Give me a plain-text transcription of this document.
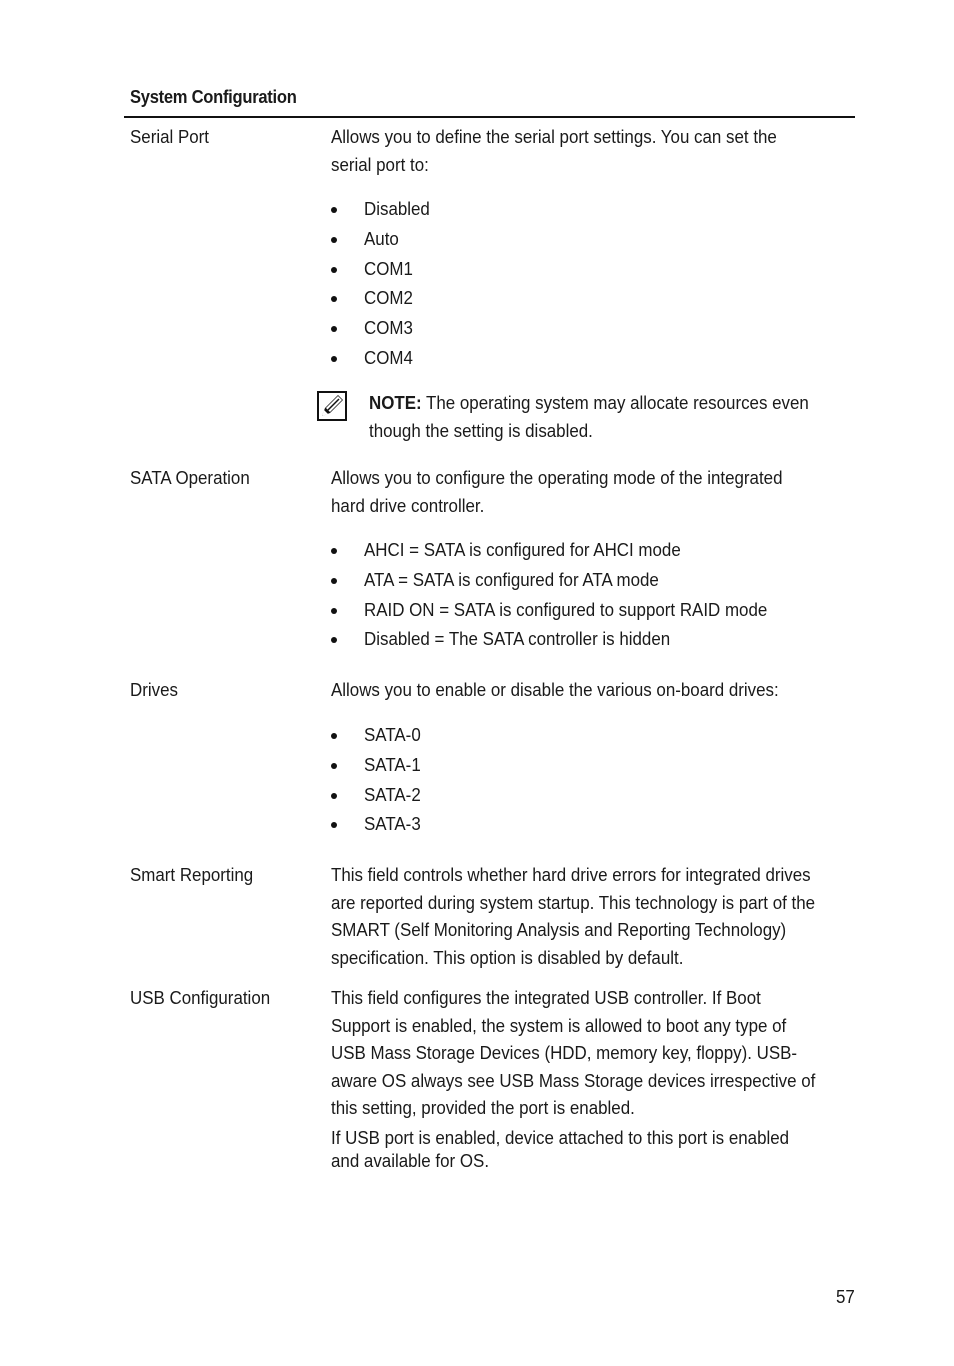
System Configuration
Serial Port	Allows you to define the serial port settings. You can set the serial port to:
Disabled
Auto
COM1
COM2
COM3
COM4
NOTE: The operating system may allocate resources even though the setting is disabled.
SATA Operation	Allows you to configure the operating mode of the integrated hard drive controller.
AHCI = SATA is configured for AHCI mode
ATA = SATA is configured for ATA mode
RAID ON = SATA is configured to support RAID mode
Disabled = The SATA controller is hidden
Drives	Allows you to enable or disable the various on-board drives:
SATA-0
SATA-1
SATA-2
SATA-3
Smart Reporting	This field controls whether hard drive errors for integrated drives are reported during system startup. This technology is part of the SMART (Self Monitoring Analysis and Reporting Technology) specification. This option is disabled by default.
USB Configuration	This field configures the integrated USB controller. If Boot Support is enabled, the system is allowed to boot any type of USB Mass Storage Devices (HDD, memory key, floppy). USB-aware OS always see USB Mass Storage devices irrespective of this setting, provided the port is enabled.
If USB port is enabled, device attached to this port is enabled and available for OS.
57
